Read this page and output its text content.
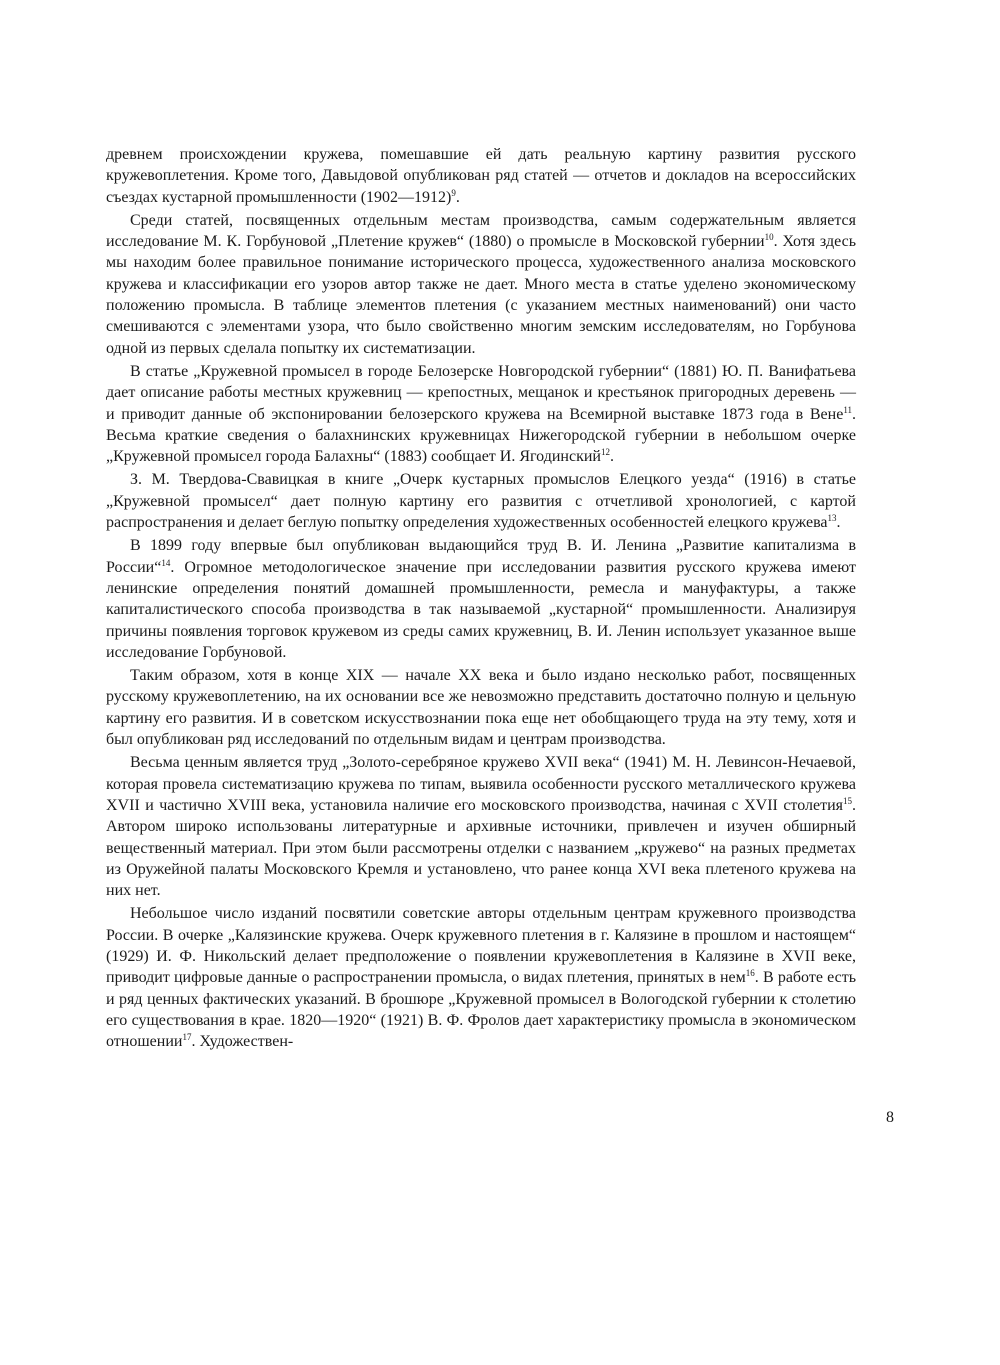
древнем происхождении кружева, помешавшие ей дать реальную картину развития русского кружевоплетения. Кроме того, Давыдовой опубликован ряд статей — отчетов и докладов на всероссийских съездах кустарной промышленности (1902—1912)$^9$.

Среди статей, посвященных отдельным местам производства, самым содержательным является исследование М. К. Горбуновой „Плетение кружев“ (1880) о промысле в Московской губернии$^{10}$. Хотя здесь мы находим более правильное понимание исторического процесса, художественного анализа московского кружева и классификации его узоров автор также не дает. Много места в статье уделено экономическому положению промысла. В таблице элементов плетения (с указанием местных наименований) они часто смешиваются с элементами узора, что было свойственно многим земским исследователям, но Горбунова одной из первых сделала попытку их систематизации.

В статье „Кружевной промысел в городе Белозерске Новгородской губернии“ (1881) Ю. П. Ванифатьева дает описание работы местных кружевниц — крепостных, мещанок и крестьянок пригородных деревень — и приводит данные об экспонировании белозерского кружева на Всемирной выставке 1873 года в Вене$^{11}$. Весьма краткие сведения о балахнинских кружевницах Нижегородской губернии в небольшом очерке „Кружевной промысел города Балахны“ (1883) сообщает И. Ягодинский$^{12}$.

З. М. Твердова-Свавицкая в книге „Очерк кустарных промыслов Елецкого уезда“ (1916) в статье „Кружевной промысел“ дает полную картину его развития с отчетливой хронологией, с картой распространения и делает беглую попытку определения художественных особенностей елецкого кружева$^{13}$.

В 1899 году впервые был опубликован выдающийся труд В. И. Ленина „Развитие капитализма в России“$^{14}$. Огромное методологическое значение при исследовании развития русского кружева имеют ленинские определения понятий домашней промышленности, ремесла и мануфактуры, а также капиталистического способа производства в так называемой „кустарной“ промышленности. Анализируя причины появления торговок кружевом из среды самих кружевниц, В. И. Ленин использует указанное выше исследование Горбуновой.

Таким образом, хотя в конце XIX — начале XX века и было издано несколько работ, посвященных русскому кружевоплетению, на их основании все же невозможно представить достаточно полную и цельную картину его развития. И в советском искусствознании пока еще нет обобщающего труда на эту тему, хотя и был опубликован ряд исследований по отдельным видам и центрам производства.

Весьма ценным является труд „Золото-серебряное кружево XVII века“ (1941) М. Н. Левинсон-Нечаевой, которая провела систематизацию кружева по типам, выявила особенности русского металлического кружева XVII и частично XVIII века, установила наличие его московского производства, начиная с XVII столетия$^{15}$. Автором широко использованы литературные и архивные источники, привлечен и изучен обширный вещественный материал. При этом были рассмотрены отделки с названием „кружево“ на разных предметах из Оружейной палаты Московского Кремля и установлено, что ранее конца XVI века плетеного кружева на них нет.

Небольшое число изданий посвятили советские авторы отдельным центрам кружевного производства России. В очерке „Калязинские кружева. Очерк кружевного плетения в г. Калязине в прошлом и настоящем“ (1929) И. Ф. Никольский делает предположение о появлении кружевоплетения в Калязине в XVII веке, приводит цифровые данные о распространении промысла, о видах плетения, принятых в нем$^{16}$. В работе есть и ряд ценных фактических указаний. В брошюре „Кружевной промысел в Вологодской губернии к столетию его существования в крае. 1820—1920“ (1921) В. Ф. Фролов дает характеристику промысла в экономическом отношении$^{17}$. Художествен-

8
